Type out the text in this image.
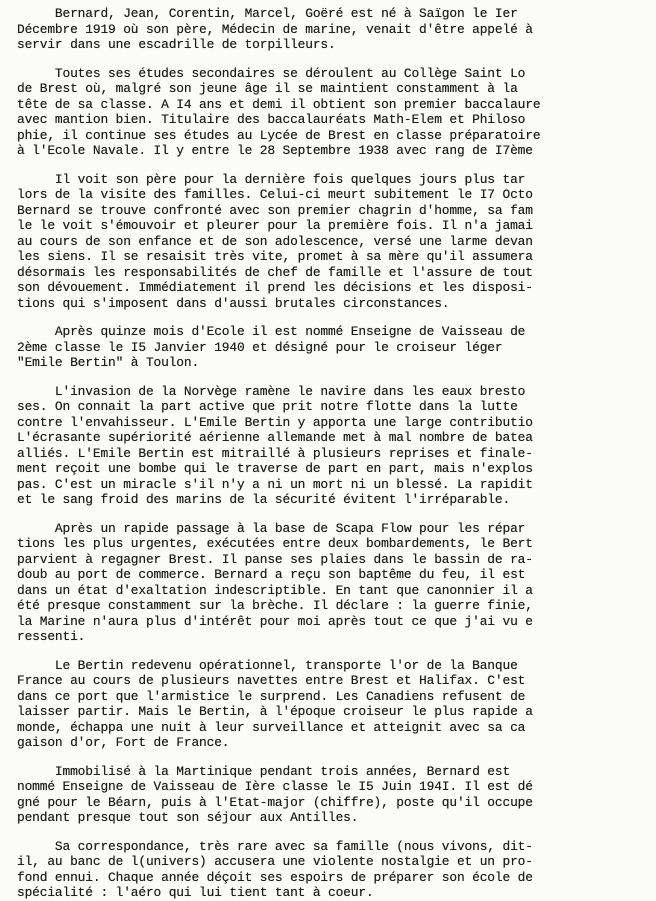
Bernard, Jean, Corentin, Marcel, Goëré est né à Saïgon le Ier
Décembre 1919 où son père, Médecin de marine, venait d'être appelé à
servir dans une escadrille de torpilleurs.
Toutes ses études secondaires se déroulent au Collège Saint Lo
de Brest où, malgré son jeune âge il se maintient constamment à la
tête de sa classe. A I4 ans et demi il obtient son premier baccalaure
avec mantion bien. Titulaire des baccalauréats Math-Elem et Philoso
phie, il continue ses études au Lycée de Brest en classe préparatoire
à l'Ecole Navale. Il y entre le 28 Septembre 1938 avec rang de I7ème
Il voit son père pour la dernière fois quelques jours plus tar
lors de la visite des familles. Celui-ci meurt subitement le I7 Octo
Bernard se trouve confronté avec son premier chagrin d'homme, sa fam
le le voit s'émouvoir et pleurer pour la première fois. Il n'a jamai
au cours de son enfance et de son adolescence, versé une larme devan
les siens. Il se resaisit très vite, promet à sa mère qu'il assumera
désormais les responsabilités de chef de famille et l'assure de tout
son dévouement. Immédiatement il prend les décisions et les disposi-
tions qui s'imposent dans d'aussi brutales circonstances.
Après quinze mois d'Ecole il est nommé Enseigne de Vaisseau de
2ème classe le I5 Janvier 1940 et désigné pour le croiseur léger
"Emile Bertin" à Toulon.
L'invasion de la Norvège ramène le navire dans les eaux bresto
ses. On connait la part active que prit notre flotte dans la lutte
contre l'envahisseur. L'Emile Bertin y apporta une large contributio
L'écrasante supériorité aérienne allemande met à mal nombre de batea
alliés. L'Emile Bertin est mitraillé à plusieurs reprises et finale-
ment reçoit une bombe qui le traverse de part en part, mais n'explos
pas. C'est un miracle s'il n'y a ni un mort ni un blessé. La rapidit
et le sang froid des marins de la sécurité évitent l'irréparable.
Après un rapide passage à la base de Scapa Flow pour les répar
tions les plus urgentes, exécutées entre deux bombardements, le Bert
parvient à regagner Brest. Il panse ses plaies dans le bassin de ra-
doub au port de commerce. Bernard a reçu son baptême du feu, il est
dans un état d'exaltation indescriptible. En tant que canonnier il a
été presque constamment sur la brèche. Il déclare : la guerre finie,
la Marine n'aura plus d'intérêt pour moi après tout ce que j'ai vu e
ressenti.
Le Bertin redevenu opérationnel, transporte l'or de la Banque
France au cours de plusieurs navettes entre Brest et Halifax. C'est
dans ce port que l'armistice le surprend. Les Canadiens refusent de
laisser partir. Mais le Bertin, à l'époque croiseur le plus rapide a
monde, échappa une nuit à leur surveillance et atteignit avec sa ca
gaison d'or, Fort de France.
Immobilisé à la Martinique pendant trois années, Bernard est
nommé Enseigne de Vaisseau de Ière classe le I5 Juin 194I. Il est dé
gné pour le Béarn, puis à l'Etat-major (chiffre), poste qu'il occupe
pendant presque tout son séjour aux Antilles.
Sa correspondance, très rare avec sa famille (nous vivons, dit-
il, au banc de l(univers) accusera une violente nostalgie et un pro-
fond ennui. Chaque année déçoit ses espoirs de préparer son école de
spécialité : l'aéro qui lui tient tant à coeur.
